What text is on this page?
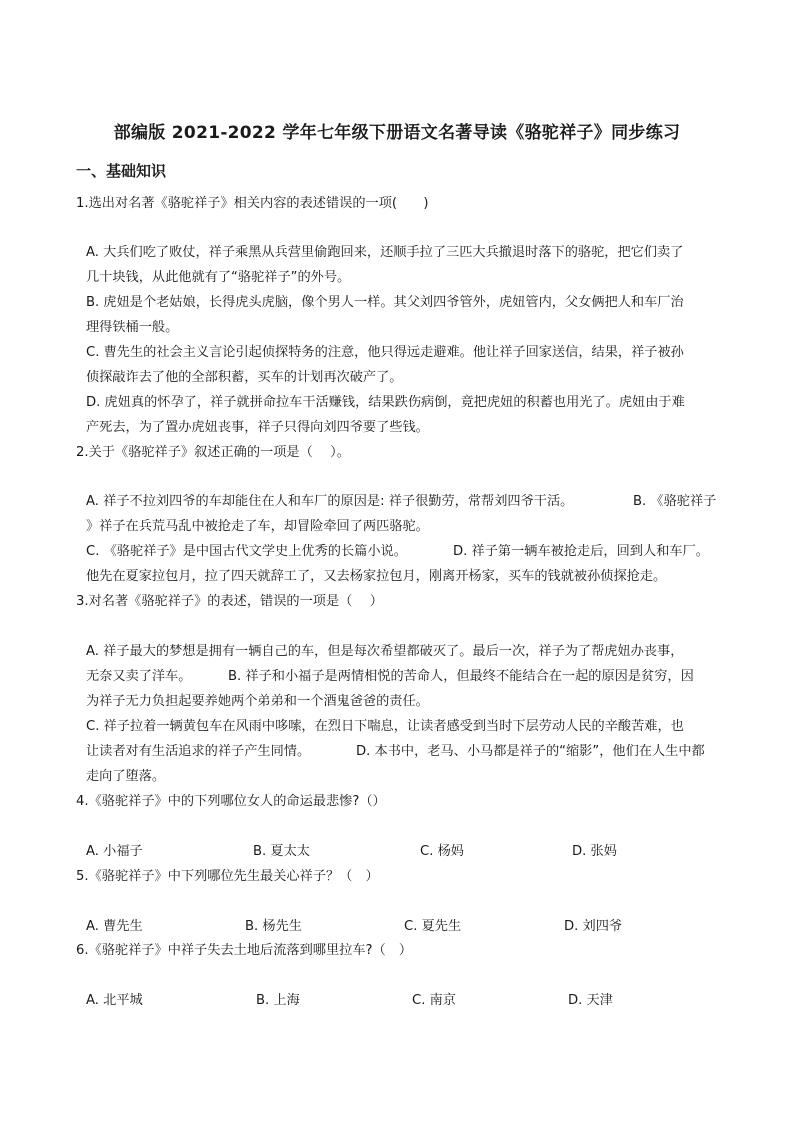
部编版 2021-2022 学年七年级下册语文名著导读《骆驼祥子》同步练习
一、基础知识
1.选出对名著《骆驼祥子》相关内容的表述错误的一项(　　)
A. 大兵们吃了败仗，祥子乘黑从兵营里偷跑回来，还顺手拉了三匹大兵撤退时落下的骆驼，把它们卖了
几十块钱，从此他就有了“骆驼祥子”的外号。
B. 虎妞是个老姑娘，长得虎头虎脑，像个男人一样。其父刘四爷管外，虎妞管内，父女俩把人和车厂治
理得铁桶一般。
C. 曹先生的社会主义言论引起侦探特务的注意，他只得远走避难。他让祥子回家送信，结果，祥子被孙
侦探敲诈去了他的全部积蓄，买车的计划再次破产了。
D. 虎妞真的怀孕了，祥子就拼命拉车干活赚钱，结果跌伤病倒，竟把虎妞的积蓄也用光了。虎妞由于难
产死去，为了置办虎妞丧事，祥子只得向刘四爷要了些钱。
2.关于《骆驼祥子》叙述正确的一项是（　 ）。
A. 祥子不拉刘四爷的车却能住在人和车厂的原因是: 祥子很勤劳，常帮刘四爷干活。	B. 《骆驼祥子
》祥子在兵荒马乱中被抢走了车，却冒险牵回了两匹骆驼。
C. 《骆驼祥子》是中国古代文学史上优秀的长篇小说。	D. 祥子第一辆车被抢走后，回到人和车厂。
他先在夏家拉包月，拉了四天就辞工了，又去杨家拉包月，刚离开杨家，买车的钱就被孙侦探抢走。
3.对名著《骆驼祥子》的表述，错误的一项是（　 ）
A. 祥子最大的梦想是拥有一辆自己的车，但是每次希望都破灭了。最后一次，祥子为了帮虎妞办丧事，
无奈又卖了洋车。	B. 祥子和小福子是两情相悦的苦命人，但最终不能结合在一起的原因是贫穷，因
为祥子无力负担起要养她两个弟弟和一个酒鬼爸爸的责任。
C. 祥子拉着一辆黄包车在风雨中哆嗦，在烈日下喘息，让读者感受到当时下层劳动人民的辛酸苦难，也
让读者对有生活追求的祥子产生同情。	D. 本书中，老马、小马都是祥子的“缩影”，他们在人生中都
走向了堕落。
4.《骆驼祥子》中的下列哪位女人的命运最悲惨?（）
A. 小福子	B. 夏太太	C. 杨妈	D. 张妈
5.《骆驼祥子》中下列哪位先生最关心祥子？（　）
A. 曹先生	B. 杨先生	C. 夏先生	D. 刘四爷
6.《骆驼祥子》中祥子失去土地后流落到哪里拉车?（　）
A. 北平城	B. 上海	C. 南京	D. 天津
